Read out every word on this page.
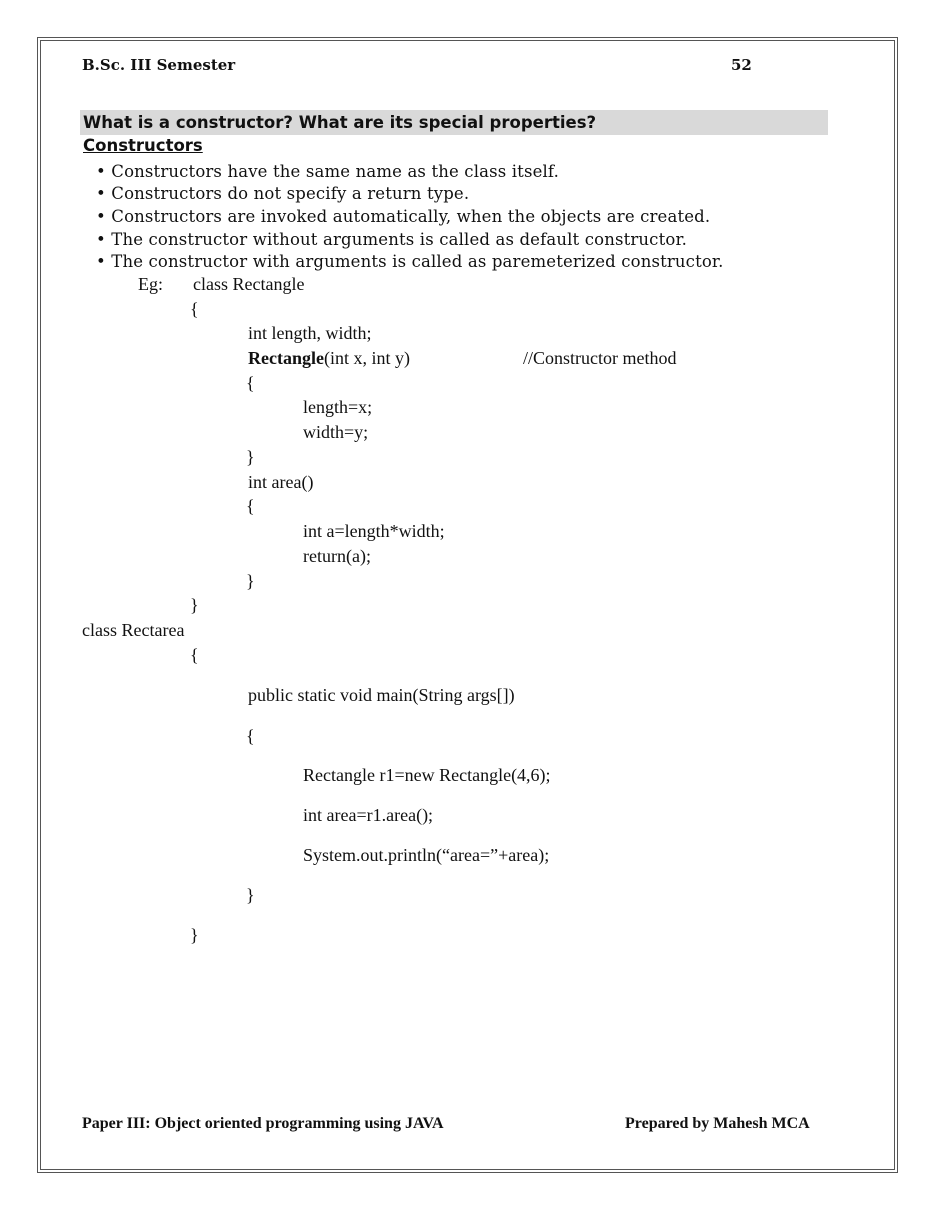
B.Sc. III Semester	52
What is a constructor? What are its special properties?
Constructors
• Constructors have the same name as the class itself.
• Constructors do not specify a return type.
• Constructors are invoked automatically, when the objects are created.
• The constructor without arguments is called as default constructor.
• The constructor with arguments is called as paremeterized constructor.
Eg: class Rectangle
{
int length, width;
Rectangle(int x, int y)	//Constructor method
{
length=x;
width=y;
}
int area()
{
int a=length*width;
return(a);
}
}
class Rectarea
{
public static void main(String args[])
{
Rectangle r1=new Rectangle(4,6);
int area=r1.area();
System.out.println(“area=”+area);
}
}
Paper III: Object oriented programming using JAVA	Prepared by Mahesh MCA
